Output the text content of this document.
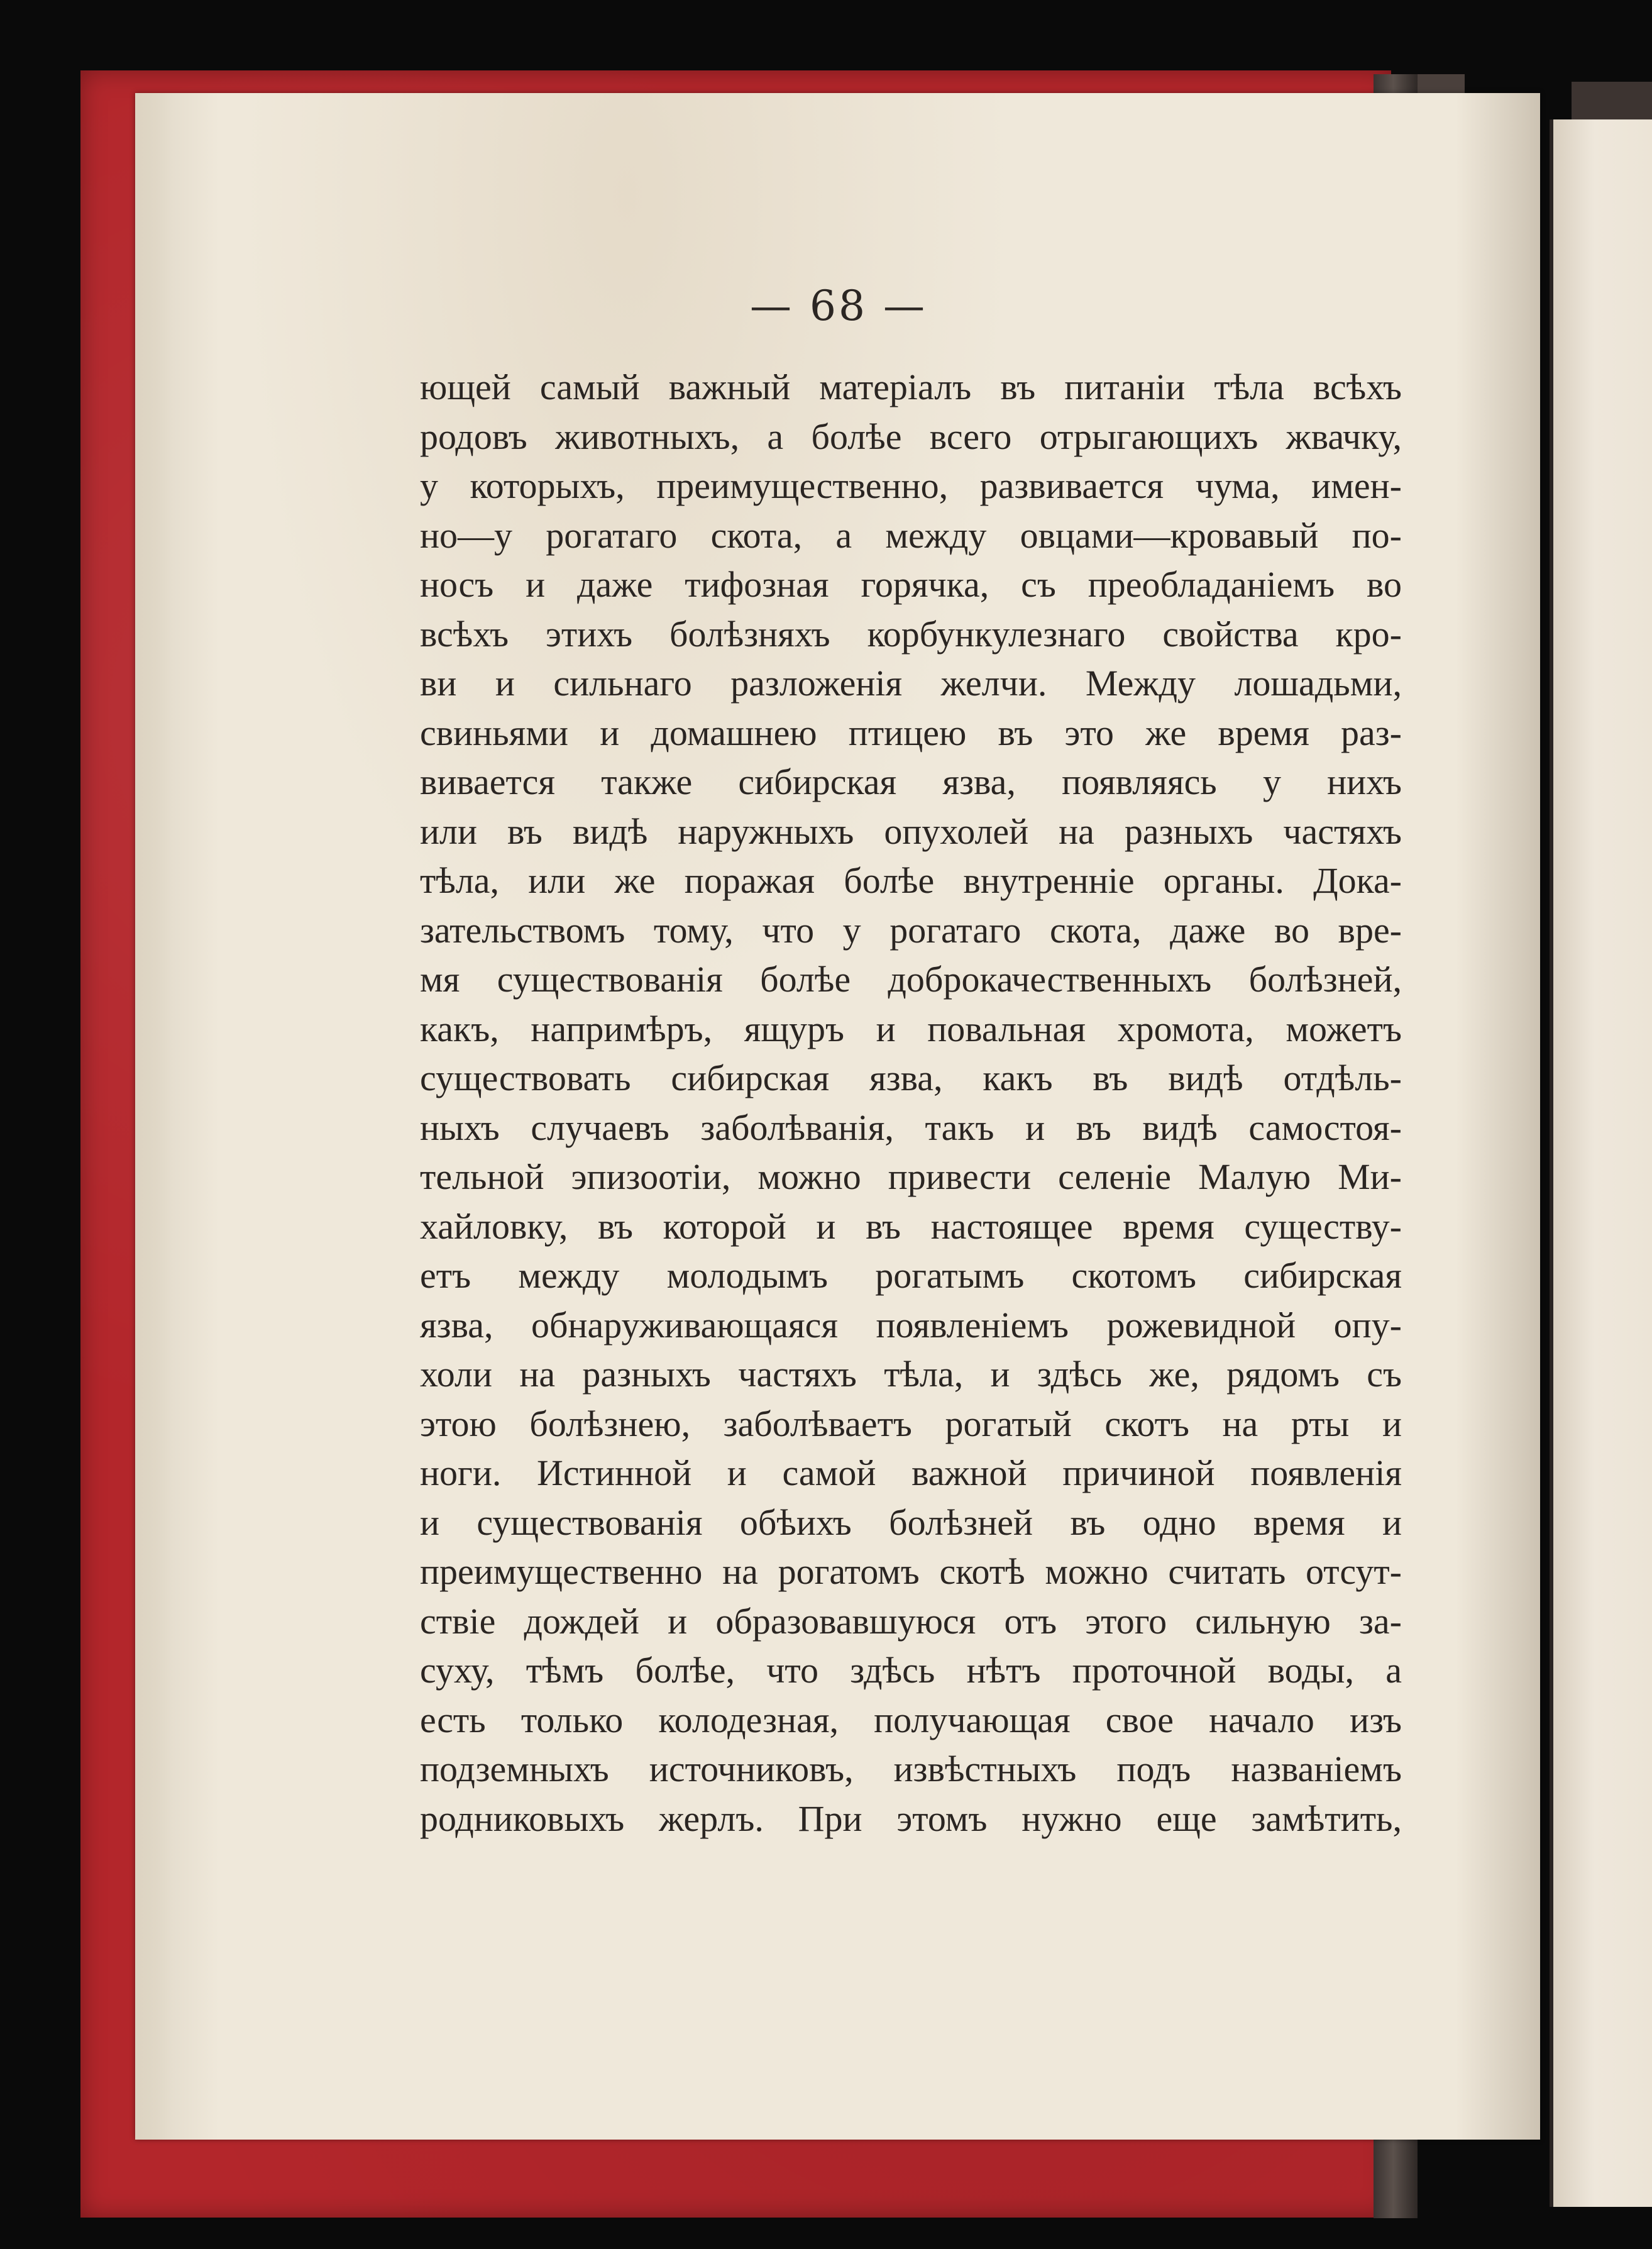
— 68 —
ющей самый важный матеріалъ въ питаніи тѣла всѣхъ
родовъ животныхъ, а болѣе всего отрыгающихъ жвачку,
у которыхъ, преимущественно, развивается чума, имен-
но—у рогатаго скота, а между овцами—кровавый по-
носъ и даже тифозная горячка, съ преобладаніемъ во
всѣхъ этихъ болѣзняхъ корбункулезнаго свойства кро-
ви и сильнаго разложенія желчи. Между лошадьми,
свиньями и домашнею птицею въ это же время раз-
вивается также сибирская язва, появляясь у нихъ
или въ видѣ наружныхъ опухолей на разныхъ частяхъ
тѣла, или же поражая болѣе внутренніе органы. Дока-
зательствомъ тому, что у рогатаго скота, даже во вре-
мя существованія болѣе доброкачественныхъ болѣзней,
какъ, напримѣръ, ящуръ и повальная хромота, можетъ
существовать сибирская язва, какъ въ видѣ отдѣль-
ныхъ случаевъ заболѣванія, такъ и въ видѣ самостоя-
тельной эпизоотіи, можно привести селеніе Малую Ми-
хайловку, въ которой и въ настоящее время существу-
етъ между молодымъ рогатымъ скотомъ сибирская
язва, обнаруживающаяся появленіемъ рожевидной опу-
холи на разныхъ частяхъ тѣла, и здѣсь же, рядомъ съ
этою болѣзнею, заболѣваетъ рогатый скотъ на рты и
ноги. Истинной и самой важной причиной появленія
и существованія обѣихъ болѣзней въ одно время и
преимущественно на рогатомъ скотѣ можно считать отсут-
ствіе дождей и образовавшуюся отъ этого сильную за-
суху, тѣмъ болѣе, что здѣсь нѣтъ проточной воды, а
есть только колодезная, получающая свое начало изъ
подземныхъ источниковъ, извѣстныхъ подъ названіемъ
родниковыхъ жерлъ. При этомъ нужно еще замѣтить,
